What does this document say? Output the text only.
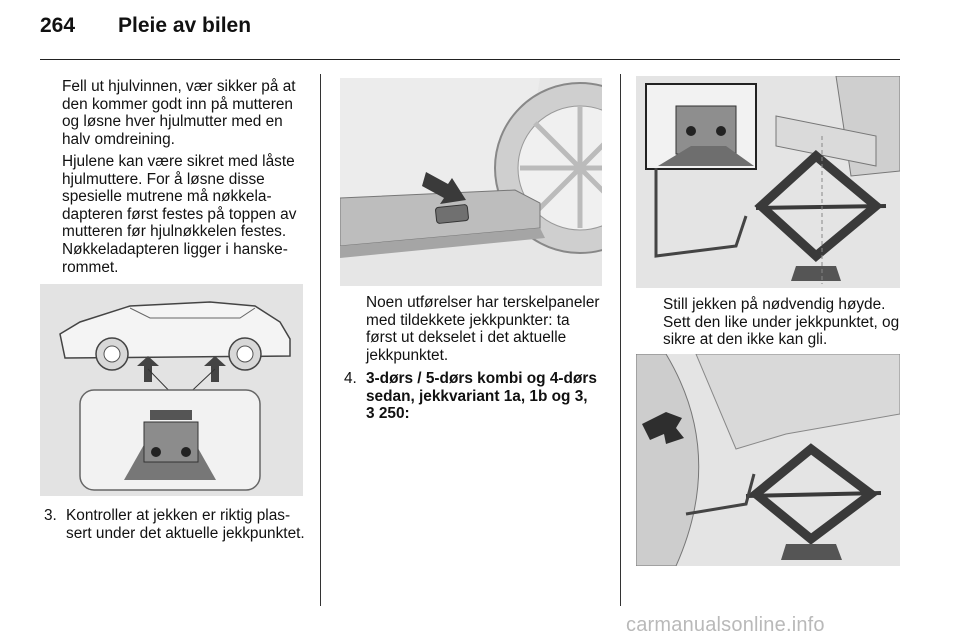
264 Pleie av bilen

Fell ut hjulvinnen, vær sikker på at den kommer godt inn på mutteren og løsne hver hjulmutter med en halv omdreining.

Hjulene kan være sikret med låste hjulmuttere. For å løsne disse spesielle mutrene må nøkkeladapteren først festes på toppen av mutteren før hjulnøkkelen festes. Nøkkeladapteren ligger i hanskerommet.

3. Kontroller at jekken er riktig plassert under det aktuelle jekkpunktet.

Noen utførelser har terskelpaneler med tildekkete jekkpunkter: ta først ut dekselet i det aktuelle jekkpunktet.

4. 3-dørs / 5-dørs kombi og 4-dørs sedan, jekkvariant 1a, 1b og 3, 3 250:

Still jekken på nødvendig høyde. Sett den like under jekkpunktet, og sikre at den ikke kan gli.

carmanualsonline.info
